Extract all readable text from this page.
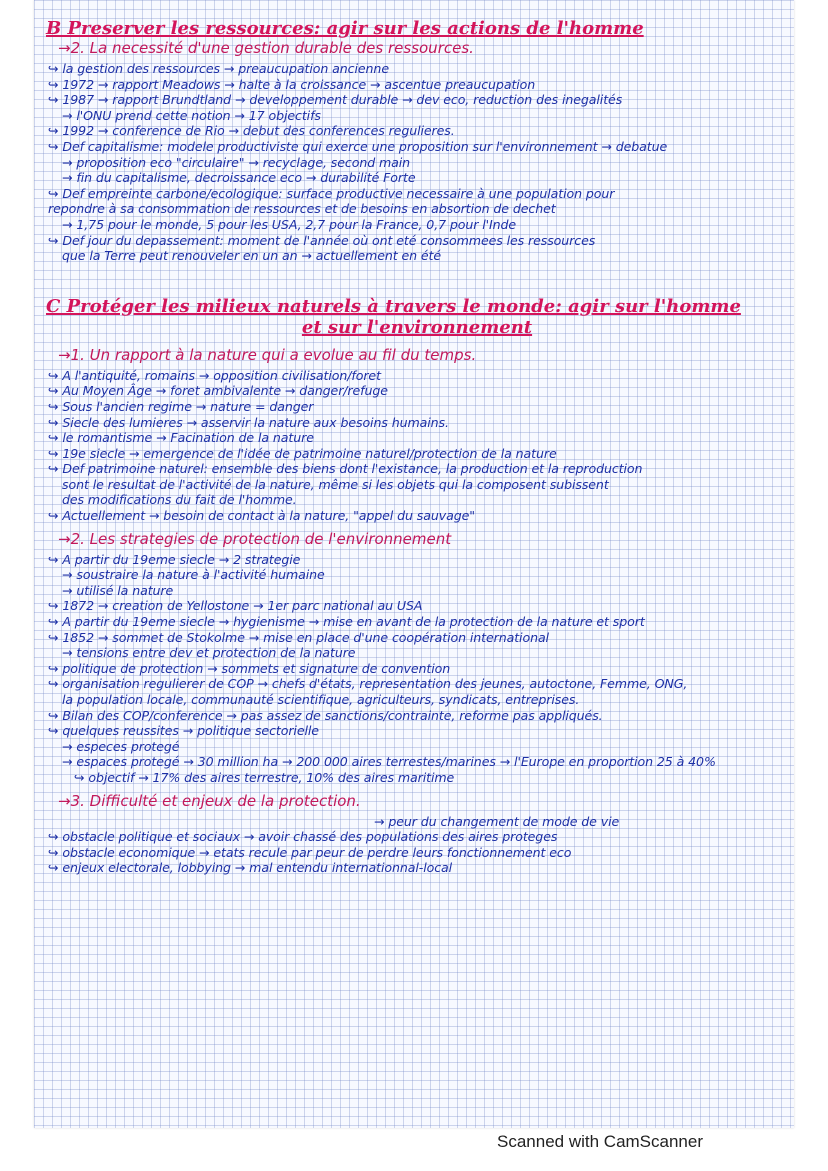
B Preserver les ressources: agir sur les actions de l'homme
→2. La necessité d'une gestion durable des ressources.
↪ la gestion des ressources → preaucupation ancienne
↪ 1972 → rapport Meadows → halte à la croissance → ascentue preaucupation
↪ 1987 → rapport Brundtland → developpement durable → dev eco, reduction des inegalités
→ l'ONU prend cette notion → 17 objectifs
↪ 1992 → conference de Rio → debut des conferences regulieres.
↪ Def capitalisme: modele productiviste qui exerce une proposition sur l'environnement → debatue
→ proposition eco "circulaire" → recyclage, second main
→ fin du capitalisme, decroissance eco → durabilité Forte
↪ Def empreinte carbone/ecologique: surface productive necessaire à une population pour
repondre à sa consommation de ressources et de besoins en absortion de dechet
→ 1,75 pour le monde, 5 pour les USA, 2,7 pour la France, 0,7 pour l'Inde
↪ Def jour du depassement: moment de l'année où ont eté consommees les ressources
que la Terre peut renouveler en un an → actuellement en été
C Protéger les milieux naturels à travers le monde: agir sur l'homme
et sur l'environnement
→1. Un rapport à la nature qui a evolue au fil du temps.
↪ A l'antiquité, romains → opposition civilisation/foret
↪ Au Moyen Âge → foret ambivalente → danger/refuge
↪ Sous l'ancien regime → nature = danger
↪ Siecle des lumieres → asservir la nature aux besoins humains.
↪ le romantisme → Facination de la nature
↪ 19e siecle → emergence de l'idée de patrimoine naturel/protection de la nature
↪ Def patrimoine naturel: ensemble des biens dont l'existance, la production et la reproduction
sont le resultat de l'activité de la nature, même si les objets qui la composent subissent
des modifications du fait de l'homme.
↪ Actuellement → besoin de contact à la nature, "appel du sauvage"
→2. Les strategies de protection de l'environnement
↪ A partir du 19eme siecle → 2 strategie
→ soustraire la nature à l'activité humaine
→ utilisé la nature
↪ 1872 → creation de Yellostone → 1er parc national au USA
↪ A partir du 19eme siecle → hygienisme → mise en avant de la protection de la nature et sport
↪ 1852 → sommet de Stokolme → mise en place d'une coopération international
→ tensions entre dev et protection de la nature
↪ politique de protection → sommets et signature de convention
↪ organisation regulierer de COP → chefs d'états, representation des jeunes, autoctone, Femme, ONG,
la population locale, communauté scientifique, agriculteurs, syndicats, entreprises.
↪ Bilan des COP/conference → pas assez de sanctions/contrainte, reforme pas appliqués.
↪ quelques reussites → politique sectorielle
→ especes protegé
→ espaces protegé → 30 million ha → 200 000 aires terrestes/marines → l'Europe en proportion 25 à 40%
↪ objectif → 17% des aires terrestre, 10% des aires maritime
→3. Difficulté et enjeux de la protection.
→ peur du changement de mode de vie
↪ obstacle politique et sociaux → avoir chassé des populations des aires proteges
↪ obstacle economique → etats recule par peur de perdre leurs fonctionnement eco
↪ enjeux electorale, lobbying → mal entendu internationnal-local
Scanned with CamScanner
